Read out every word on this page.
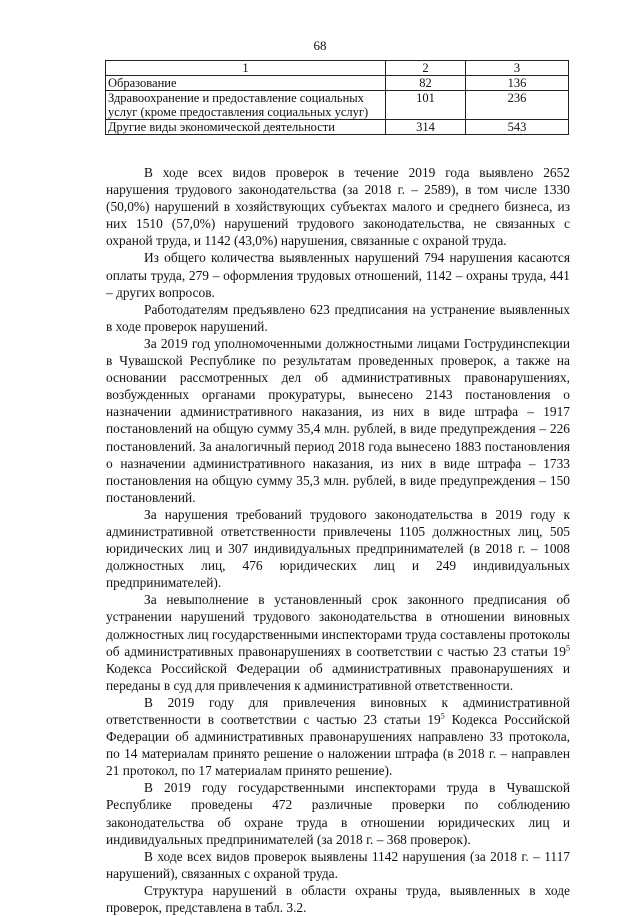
68
1	2	3
Образование	82	136
Здравоохранение и предоставление социальных услуг (кроме предоставления социальных услуг)	101	236
Другие виды экономической деятельности	314	543

В ходе всех видов проверок в течение 2019 года выявлено 2652 нарушения трудового законодательства (за 2018 г. – 2589), в том числе 1330 (50,0%) нарушений в хозяйствующих субъектах малого и среднего бизнеса, из них 1510 (57,0%) нарушений трудового законодательства, не связанных с охраной труда, и 1142 (43,0%) нарушения, связанные с охраной труда.

Из общего количества выявленных нарушений 794 нарушения касаются оплаты труда, 279 – оформления трудовых отношений, 1142 – охраны труда, 441 – других вопросов.

Работодателям предъявлено 623 предписания на устранение выявленных в ходе проверок нарушений.

За 2019 год уполномоченными должностными лицами Гострудинспекции в Чувашской Республике по результатам проведенных проверок, а также на основании рассмотренных дел об административных правонарушениях, возбужденных органами прокуратуры, вынесено 2143 постановления о назначении административного наказания, из них в виде штрафа – 1917 постановлений на общую сумму 35,4 млн. рублей, в виде предупреждения – 226 постановлений. За аналогичный период 2018 года вынесено 1883 постановления о назначении административного наказания, из них в виде штрафа – 1733 постановления на общую сумму 35,3 млн. рублей, в виде предупреждения – 150 постановлений.

За нарушения требований трудового законодательства в 2019 году к административной ответственности привлечены 1105 должностных лиц, 505 юридических лиц и 307 индивидуальных предпринимателей (в 2018 г. – 1008 должностных лиц, 476 юридических лиц и 249 индивидуальных предпринимателей).

За невыполнение в установленный срок законного предписания об устранении нарушений трудового законодательства в отношении виновных должностных лиц государственными инспекторами труда составлены протоколы об административных правонарушениях в соответствии с частью 23 статьи $19^5$ Кодекса Российской Федерации об административных правонарушениях и переданы в суд для привлечения к административной ответственности.

В 2019 году для привлечения виновных к административной ответственности в соответствии с частью 23 статьи $19^5$ Кодекса Российской Федерации об административных правонарушениях направлено 33 протокола, по 14 материалам принято решение о наложении штрафа (в 2018 г. – направлен 21 протокол, по 17 материалам принято решение).

В 2019 году государственными инспекторами труда в Чувашской Республике проведены 472 различные проверки по соблюдению законодательства об охране труда в отношении юридических лиц и индивидуальных предпринимателей (за 2018 г. – 368 проверок).

В ходе всех видов проверок выявлены 1142 нарушения (за 2018 г. – 1117 нарушений), связанных с охраной труда.

Структура нарушений в области охраны труда, выявленных в ходе проверок, представлена в табл. 3.2.
